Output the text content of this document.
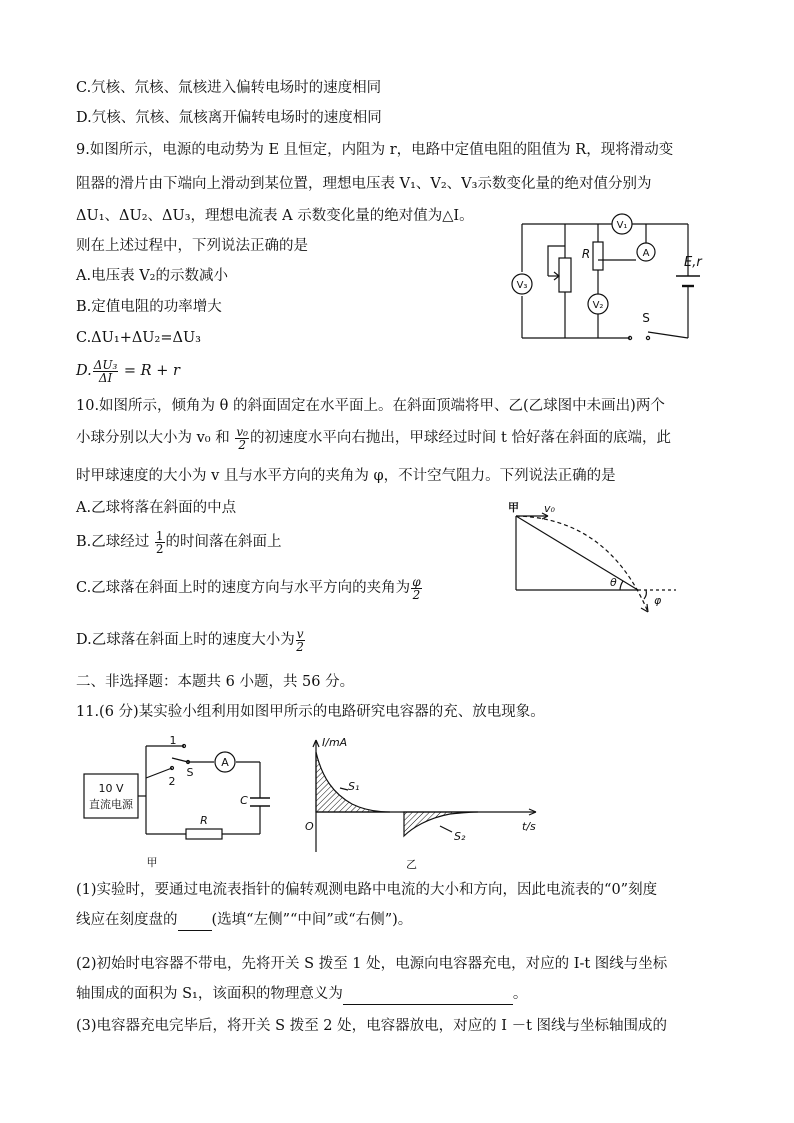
C.氕核、氘核、氚核进入偏转电场时的速度相同
D.氕核、氘核、氚核离开偏转电场时的速度相同
9.如图所示，电源的电动势为 E 且恒定，内阻为 r，电路中定值电阻的阻值为 R，现将滑动变
阻器的滑片由下端向上滑动到某位置，理想电压表 V₁、V₂、V₃示数变化量的绝对值分别为
ΔU₁、ΔU₂、ΔU₃，理想电流表 A 示数变化量的绝对值为△I。
则在上述过程中，下列说法正确的是
A.电压表 V₂的示数减小
B.定值电阻的功率增大
C.ΔU₁+ΔU₂=ΔU₃
D. $\frac{\text{ΔU₃}}{\Delta I} = R + r$
V₃
V₁
A
V₂
R
E,r
S
10.如图所示，倾角为 θ 的斜面固定在水平面上。在斜面顶端将甲、乙(乙球图中未画出)两个
小球分别以大小为 v₀ 和 $\frac{\text{v₀}}{2}$ 的初速度水平向右抛出，甲球经过时间 t 恰好落在斜面的底端，此
时甲球速度的大小为 v 且与水平方向的夹角为 φ，不计空气阻力。下列说法正确的是
A.乙球将落在斜面的中点
B.乙球经过 $\frac{1}{2}$ 的时间落在斜面上
C.乙球落在斜面上时的速度方向与水平方向的夹角为 $\frac{\varphi}{2}$
D.乙球落在斜面上时的速度大小为 $\frac{v}{2}$
甲 v₀
θ
φ
二、非选择题：本题共 6 小题，共 56 分。
11.(6 分)某实验小组利用如图甲所示的电路研究电容器的充、放电现象。
1
2
S
A
C
R
10 V
直流电源
甲
I/mA
t/s
O
S₁
S₂
乙
(1)实验时，要通过电流表指针的偏转观测电路中电流的大小和方向，因此电流表的“0”刻度
线应在刻度盘的 (选填“左侧”“中间”或“右侧”)。
(2)初始时电容器不带电，先将开关 S 拨至 1 处，电源向电容器充电，对应的 I-t 图线与坐标
轴围成的面积为 S₁，该面积的物理意义为	。
(3)电容器充电完毕后，将开关 S 拨至 2 处，电容器放电，对应的 I －t 图线与坐标轴围成的
